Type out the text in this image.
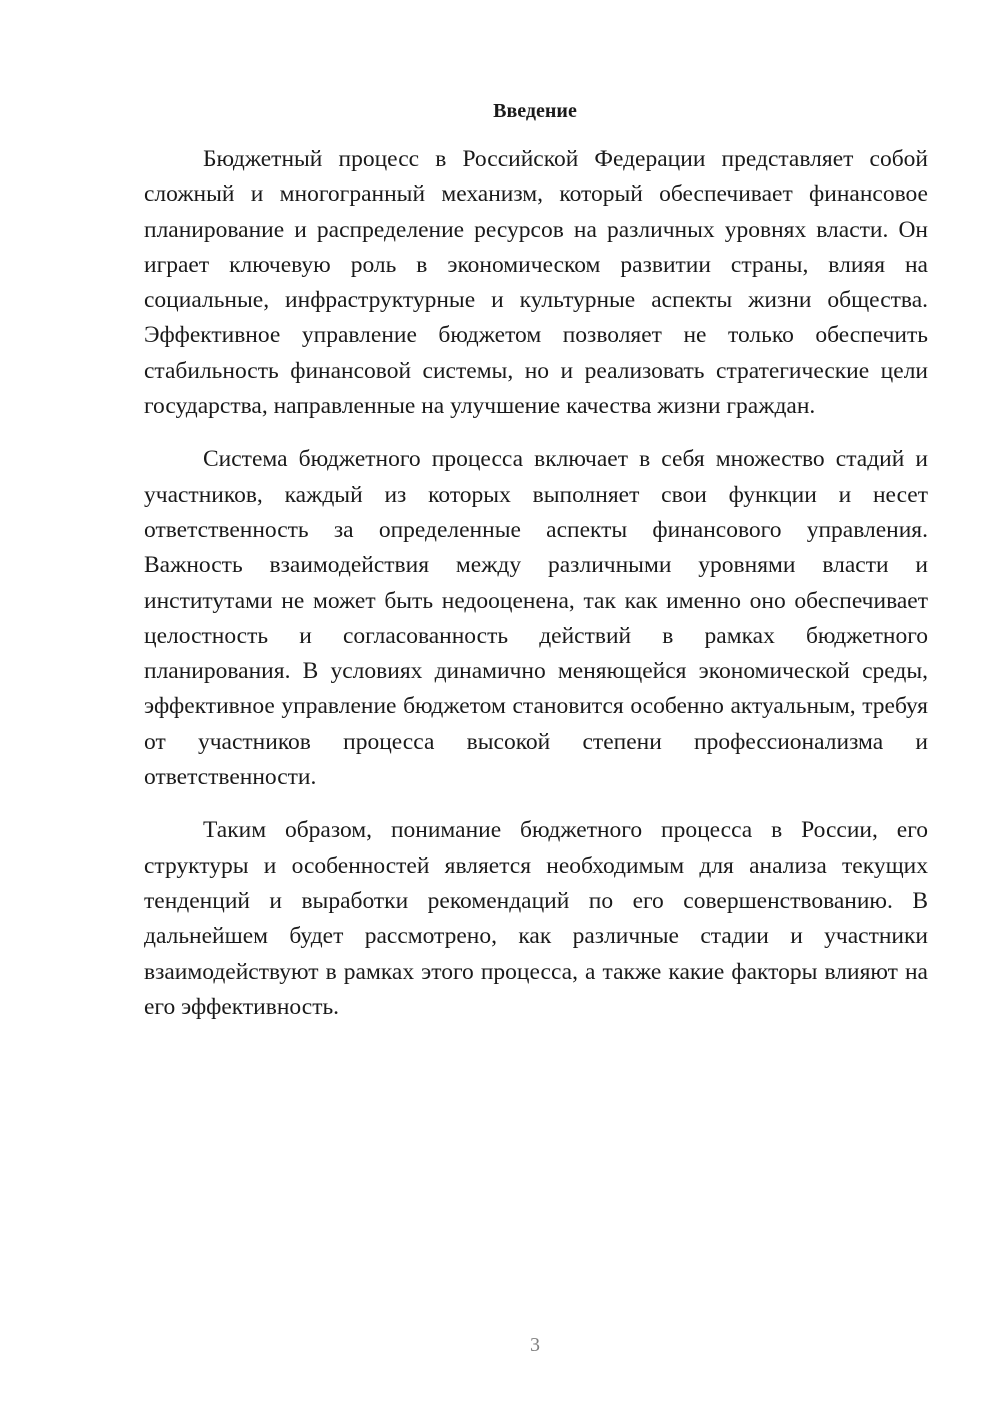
Введение

Бюджетный процесс в Российской Федерации представляет собой сложный и многогранный механизм, который обеспечивает финансовое планирование и распределение ресурсов на различных уровнях власти. Он играет ключевую роль в экономическом развитии страны, влияя на социальные, инфраструктурные и культурные аспекты жизни общества. Эффективное управление бюджетом позволяет не только обеспечить стабильность финансовой системы, но и реализовать стратегические цели государства, направленные на улучшение качества жизни граждан.

Система бюджетного процесса включает в себя множество стадий и участников, каждый из которых выполняет свои функции и несет ответственность за определенные аспекты финансового управления. Важность взаимодействия между различными уровнями власти и институтами не может быть недооценена, так как именно оно обеспечивает целостность и согласованность действий в рамках бюджетного планирования. В условиях динамично меняющейся экономической среды, эффективное управление бюджетом становится особенно актуальным, требуя от участников процесса высокой степени профессионализма и ответственности.

Таким образом, понимание бюджетного процесса в России, его структуры и особенностей является необходимым для анализа текущих тенденций и выработки рекомендаций по его совершенствованию. В дальнейшем будет рассмотрено, как различные стадии и участники взаимодействуют в рамках этого процесса, а также какие факторы влияют на его эффективность.

3
